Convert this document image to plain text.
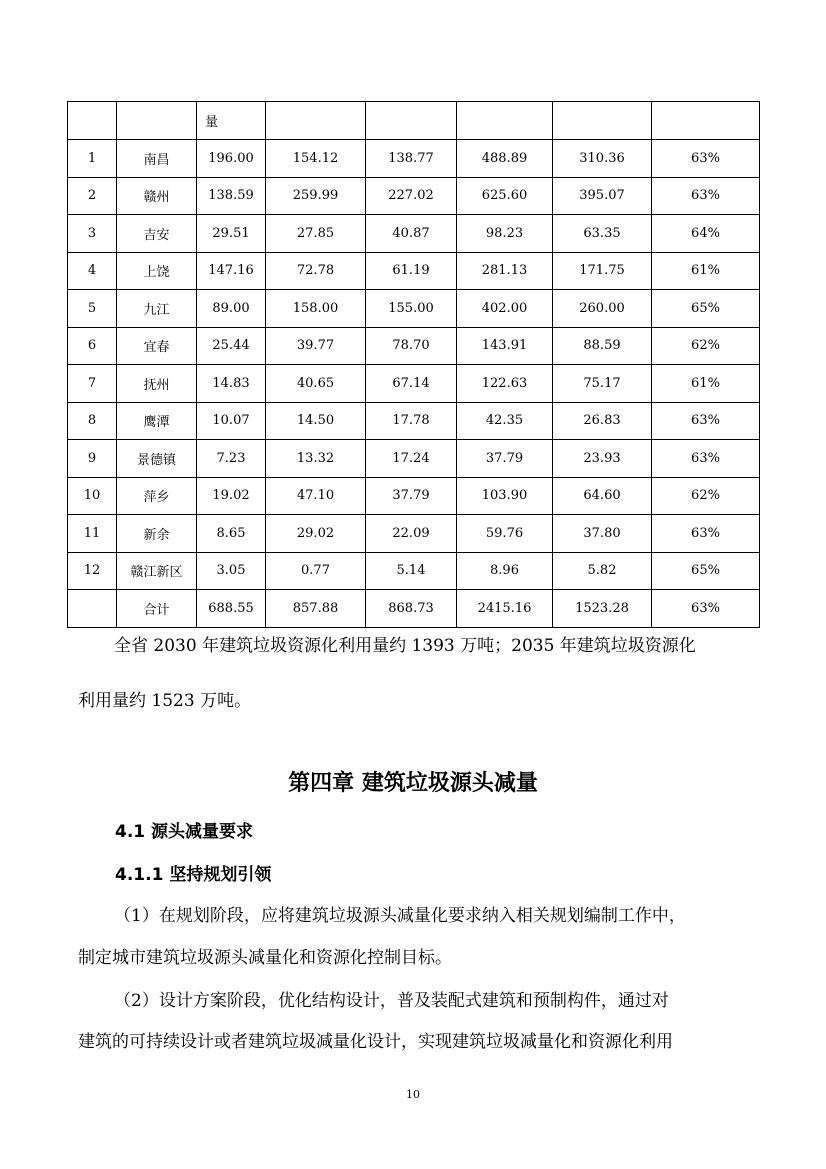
		量					
1	南昌	196.00	154.12	138.77	488.89	310.36	63%
2	赣州	138.59	259.99	227.02	625.60	395.07	63%
3	吉安	29.51	27.85	40.87	98.23	63.35	64%
4	上饶	147.16	72.78	61.19	281.13	171.75	61%
5	九江	89.00	158.00	155.00	402.00	260.00	65%
6	宜春	25.44	39.77	78.70	143.91	88.59	62%
7	抚州	14.83	40.65	67.14	122.63	75.17	61%
8	鹰潭	10.07	14.50	17.78	42.35	26.83	63%
9	景德镇	7.23	13.32	17.24	37.79	23.93	63%
10	萍乡	19.02	47.10	37.79	103.90	64.60	62%
11	新余	8.65	29.02	22.09	59.76	37.80	63%
12	赣江新区	3.05	0.77	5.14	8.96	5.82	65%
	合计	688.55	857.88	868.73	2415.16	1523.28	63%

全省 2030 年建筑垃圾资源化利用量约 1393 万吨；2035 年建筑垃圾资源化

利用量约 1523 万吨。

第四章 建筑垃圾源头减量
4.1 源头减量要求
4.1.1 坚持规划引领

（1）在规划阶段，应将建筑垃圾源头减量化要求纳入相关规划编制工作中，

制定城市建筑垃圾源头减量化和资源化控制目标。

（2）设计方案阶段，优化结构设计，普及装配式建筑和预制构件，通过对

建筑的可持续设计或者建筑垃圾减量化设计，实现建筑垃圾减量化和资源化利用

10
